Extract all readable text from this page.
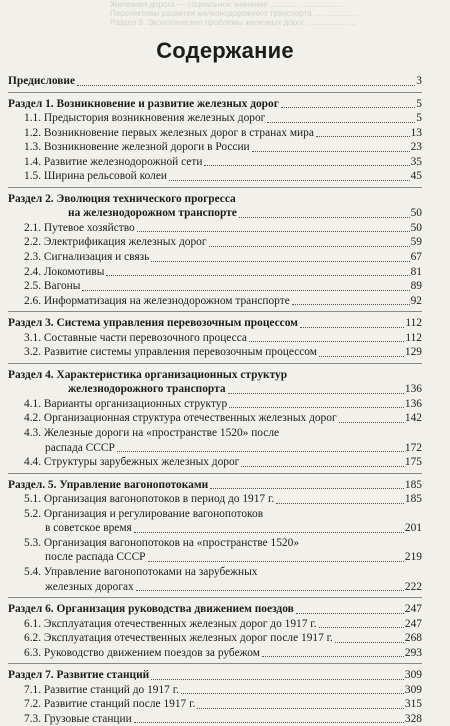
Железная дорога — социальное значение ..................................
Перспективы развития железнодорожного транспорта ....................
Раздел 8. Экологические проблемы железных дорог ......................
Содержание
Предисловие	3
Раздел 1. Возникновение и развитие железных дорог	5
1.1. Предыстория возникновения железных дорог	5
1.2. Возникновение первых железных дорог в странах мира	13
1.3. Возникновение железной дороги в России	23
1.4. Развитие железнодорожной сети	35
1.5. Ширина рельсовой колеи	45
Раздел 2. Эволюция технического прогресса
на железнодорожном транспорте	50
2.1. Путевое хозяйство	50
2.2. Электрификация железных дорог	59
2.3. Сигнализация и связь	67
2.4. Локомотивы	81
2.5. Вагоны	89
2.6. Информатизация на железнодорожном транспорте	92
Раздел 3. Система управления перевозочным процессом	112
3.1. Составные части перевозочного процесса	112
3.2. Развитие системы управления перевозочным процессом	129
Раздел 4. Характеристика организационных структур
железнодорожного транспорта	136
4.1. Варианты организационных структур	136
4.2. Организационная структура отечественных железных дорог	142
4.3. Железные дороги на «пространстве 1520» после
распада СССР	172
4.4. Структуры зарубежных железных дорог	175
Раздел. 5. Управление вагонопотоками	185
5.1. Организация вагонопотоков в период до 1917 г.	185
5.2. Организация и регулирование вагонопотоков
в советское время	201
5.3. Организация вагонопотоков на «пространстве 1520»
после распада СССР	219
5.4. Управление вагонопотоками на зарубежных
железных дорогах	222
Раздел 6. Организация руководства движением поездов	247
6.1. Эксплуатация отечественных железных дорог до 1917 г.	247
6.2. Эксплуатация отечественных железных дорог после 1917 г.	268
6.3. Руководство движением поездов за рубежом	293
Раздел 7. Развитие станций	309
7.1. Развитие станций до 1917 г.	309
7.2. Развитие станций после 1917 г.	315
7.3. Грузовые станции	328
